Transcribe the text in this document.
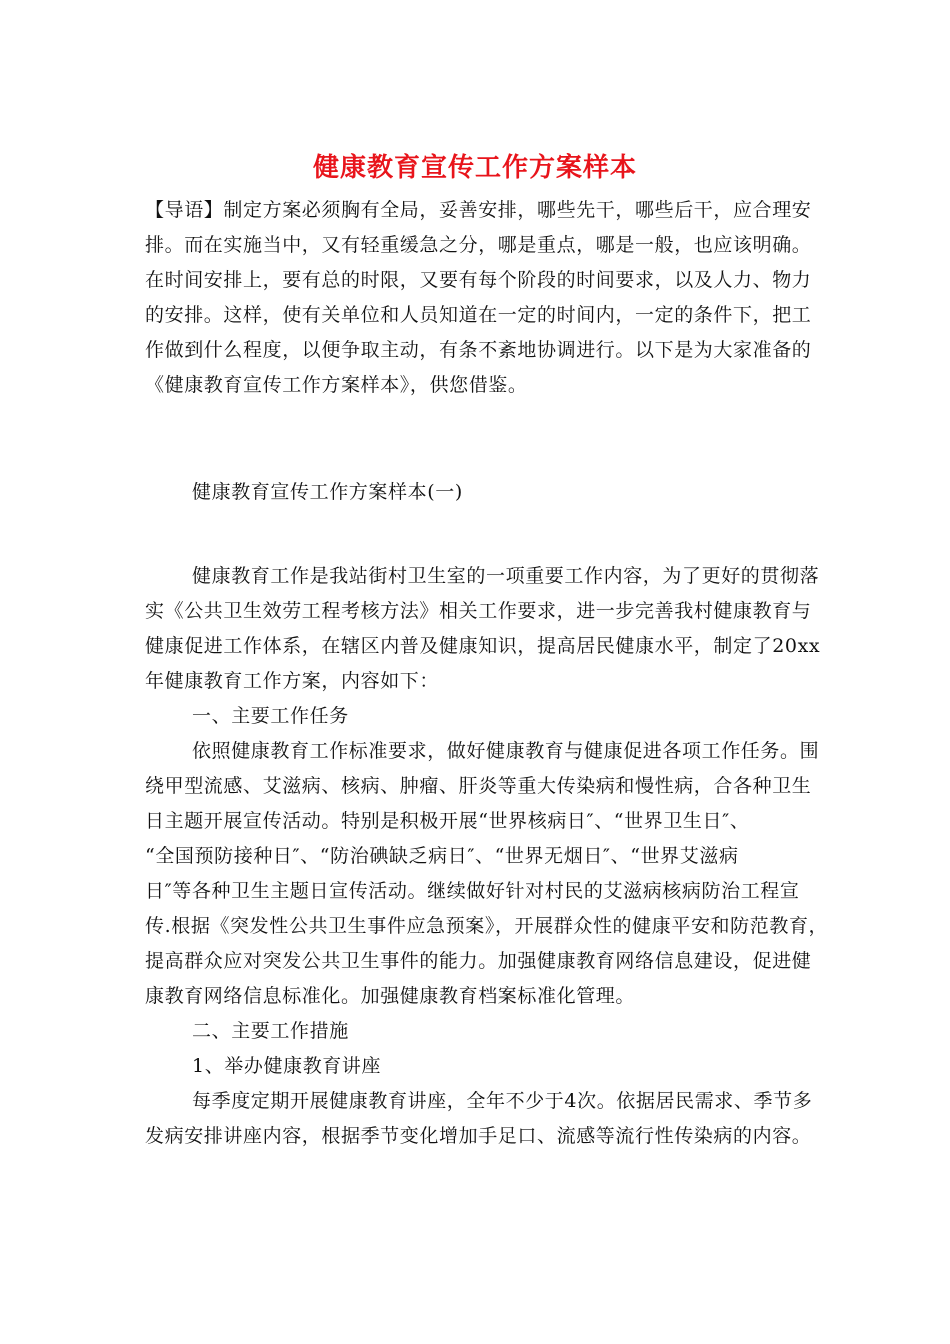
健康教育宣传工作方案样本
【导语】制定方案必须胸有全局，妥善安排，哪些先干，哪些后干，应合理安
排。而在实施当中，又有轻重缓急之分，哪是重点，哪是一般，也应该明确。
在时间安排上，要有总的时限，又要有每个阶段的时间要求，以及人力、物力
的安排。这样，使有关单位和人员知道在一定的时间内，一定的条件下，把工
作做到什么程度，以便争取主动，有条不紊地协调进行。以下是为大家准备的
《健康教育宣传工作方案样本》，供您借鉴。
健康教育宣传工作方案样本(一)
健康教育工作是我站街村卫生室的一项重要工作内容，为了更好的贯彻落
实《公共卫生效劳工程考核方法》相关工作要求，进一步完善我村健康教育与
健康促进工作体系，在辖区内普及健康知识，提高居民健康水平，制定了20xx
年健康教育工作方案，内容如下：
一、主要工作任务
依照健康教育工作标准要求，做好健康教育与健康促进各项工作任务。围
绕甲型流感、艾滋病、核病、肿瘤、肝炎等重大传染病和慢性病，合各种卫生
日主题开展宣传活动。特别是积极开展“世界核病日″、“世界卫生日″、
“全国预防接种日″、“防治碘缺乏病日″、“世界无烟日″、“世界艾滋病
日″等各种卫生主题日宣传活动。继续做好针对村民的艾滋病核病防治工程宣
传.根据《突发性公共卫生事件应急预案》，开展群众性的健康平安和防范教育，
提高群众应对突发公共卫生事件的能力。加强健康教育网络信息建设，促进健
康教育网络信息标准化。加强健康教育档案标准化管理。
二、主要工作措施
1、举办健康教育讲座
每季度定期开展健康教育讲座，全年不少于4次。依据居民需求、季节多
发病安排讲座内容，根据季节变化增加手足口、流感等流行性传染病的内容。
